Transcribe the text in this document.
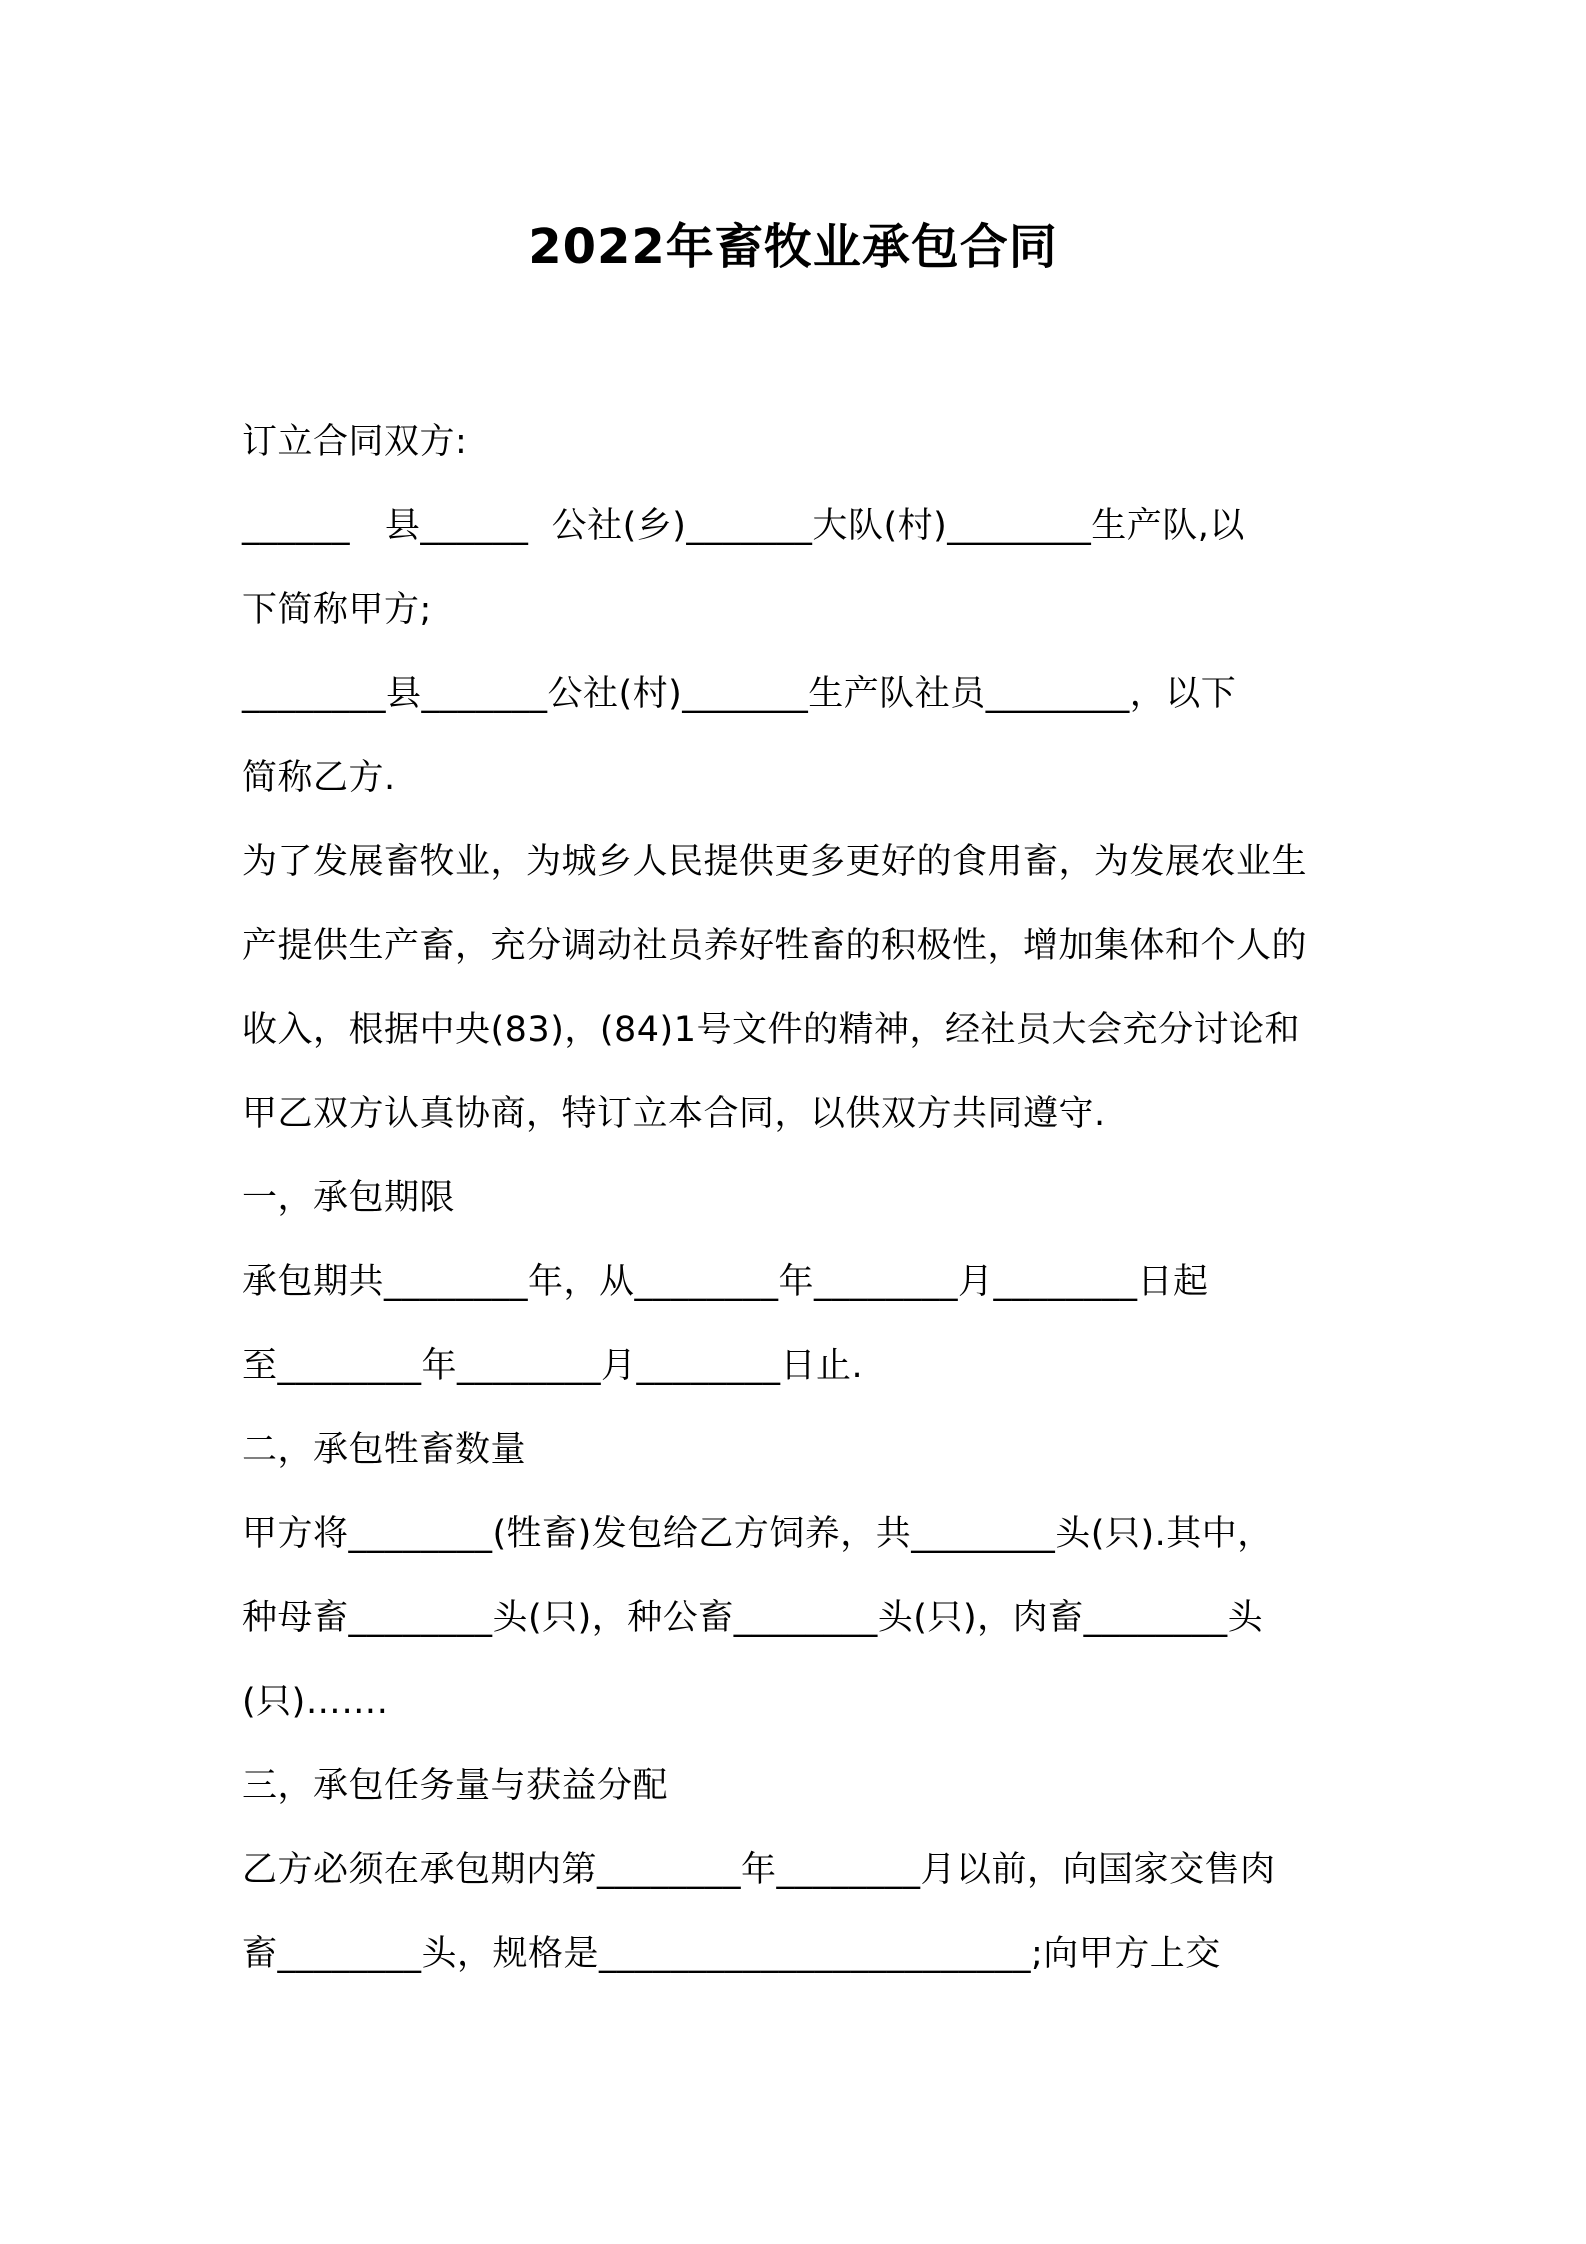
2022年畜牧业承包合同
订立合同双方:
______   县______  公社(乡)_______大队(村)________生产队,以
下简称甲方;
________县_______公社(村)_______生产队社员________，以下
简称乙方.
为了发展畜牧业，为城乡人民提供更多更好的食用畜，为发展农业生
产提供生产畜，充分调动社员养好牲畜的积极性，增加集体和个人的
收入，根据中央(83)，(84)1号文件的精神，经社员大会充分讨论和
甲乙双方认真协商，特订立本合同，以供双方共同遵守.
一，承包期限
承包期共________年，从________年________月________日起
至________年________月________日止.
二，承包牲畜数量
甲方将________(牲畜)发包给乙方饲养，共________头(只).其中，
种母畜________头(只)，种公畜________头(只)，肉畜________头
(只)…….
三，承包任务量与获益分配
乙方必须在承包期内第________年________月以前，向国家交售肉
畜________头，规格是________________________;向甲方上交
